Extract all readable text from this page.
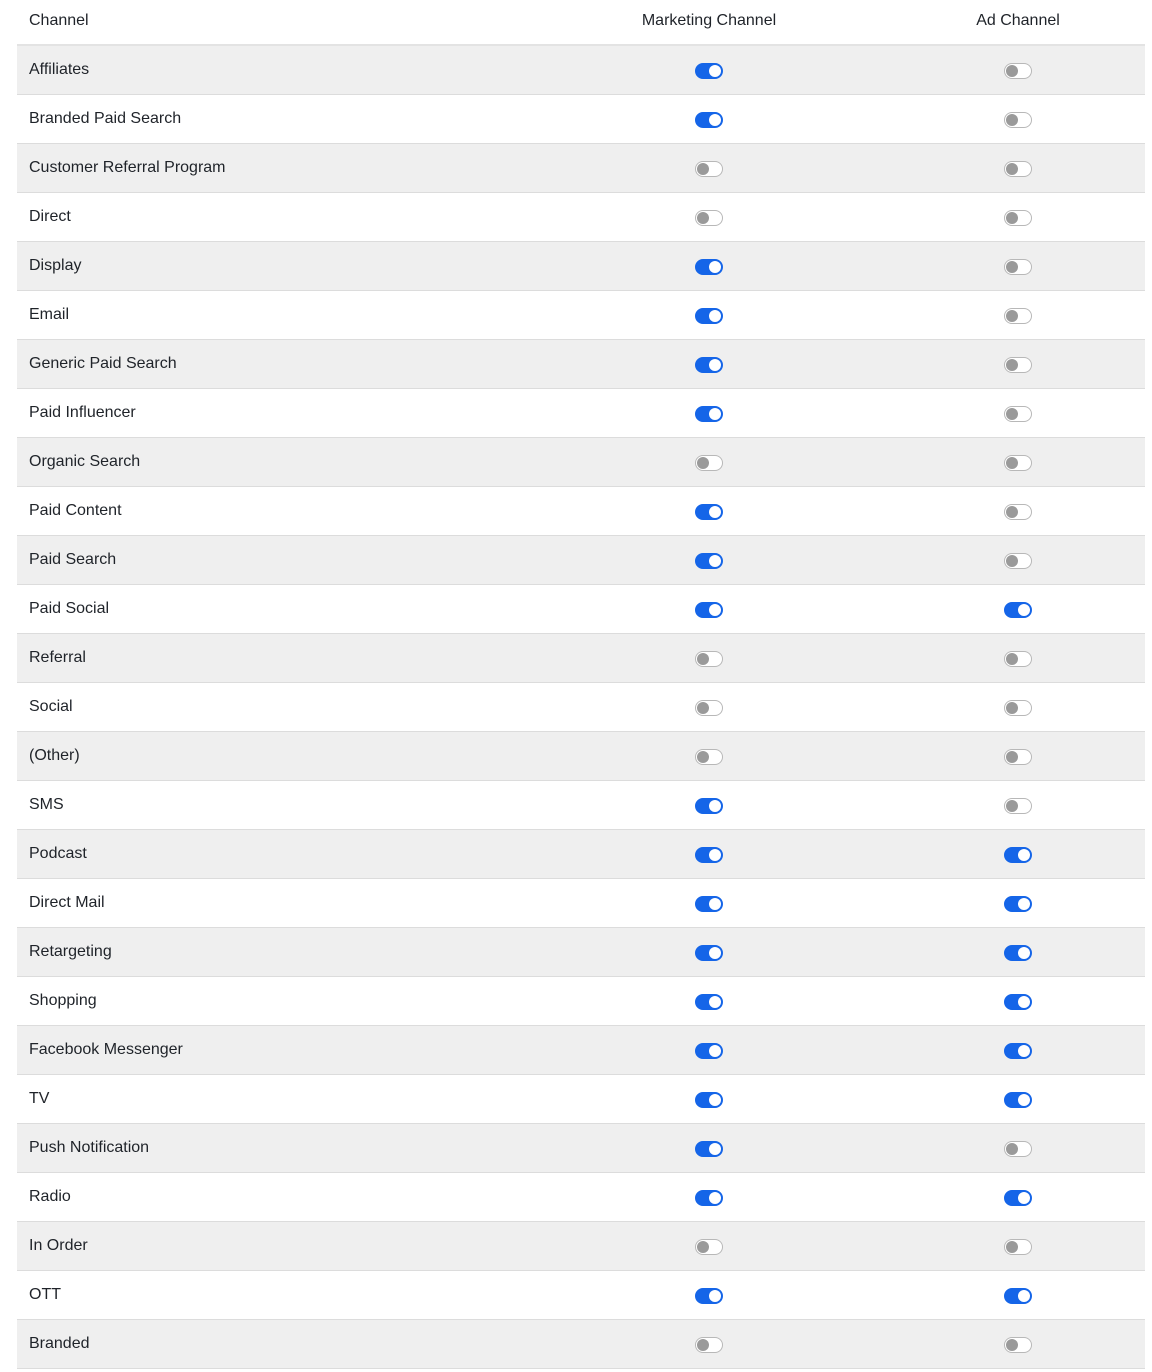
Channel	Marketing Channel	Ad Channel
Affiliates
Branded Paid Search
Customer Referral Program
Direct
Display
Email
Generic Paid Search
Paid Influencer
Organic Search
Paid Content
Paid Search
Paid Social
Referral
Social
(Other)
SMS
Podcast
Direct Mail
Retargeting
Shopping
Facebook Messenger
TV
Push Notification
Radio
In Order
OTT
Branded
